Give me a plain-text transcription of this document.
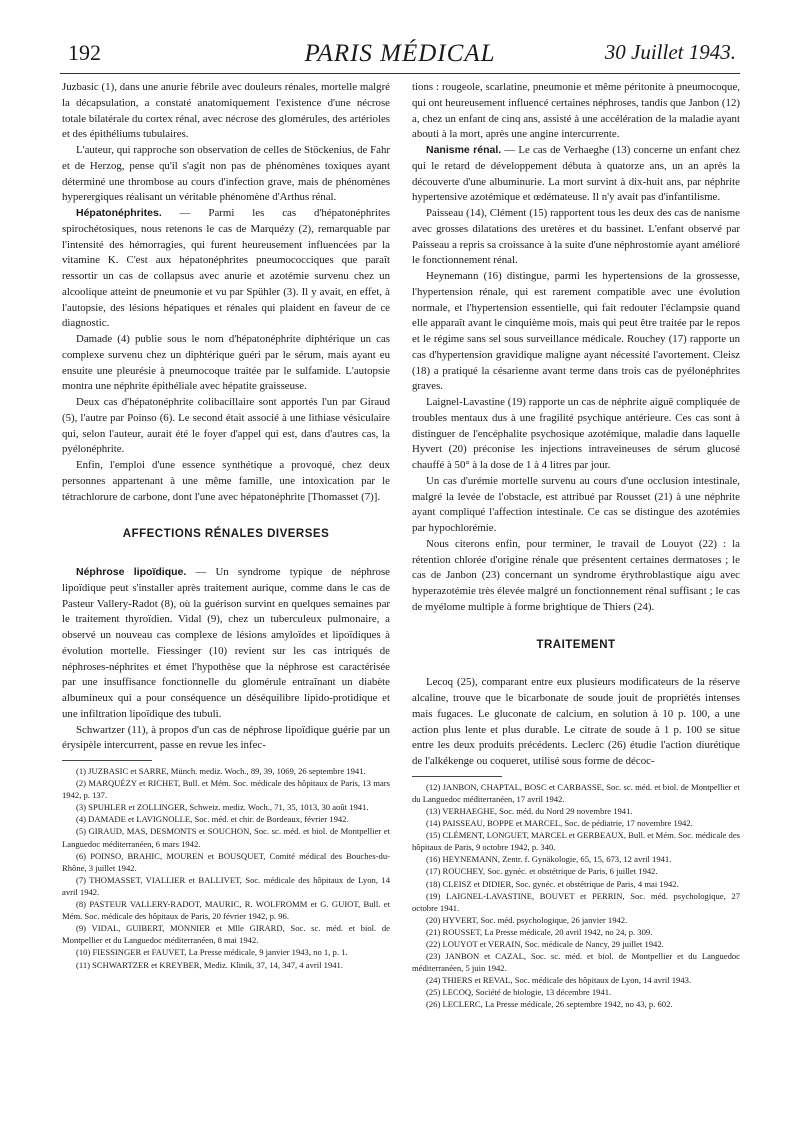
192	PARIS MÉDICAL	30 Juillet 1943.

Juzbasic (1), dans une anurie fébrile avec douleurs rénales, mortelle malgré la décapsulation, a constaté anatomiquement l'existence d'une nécrose totale bilatérale du cortex rénal, avec nécrose des glomérules, des artérioles et des épithéliums tubulaires.

L'auteur, qui rapproche son observation de celles de Stöckenius, de Fahr et de Herzog, pense qu'il s'agit non pas de phénomènes toxiques ayant déterminé une thrombose au cours d'infection grave, mais de phénomènes hyperergiques réalisant un véritable phénomène d'Arthus rénal.

Hépatonéphrites. — Parmi les cas d'hépatonéphrites spirochétosiques, nous retenons le cas de Marquézy (2), remarquable par l'intensité des hémorragies, qui furent heureusement influencées par la vitamine K. C'est aux hépatonéphrites pneumococciques que paraît ressortir un cas de collapsus avec anurie et azotémie survenu chez un alcoolique atteint de pneumonie et vu par Spühler (3). Il y avait, en effet, à l'autopsie, des lésions hépatiques et rénales qui plaident en faveur de ce diagnostic.

Damade (4) publie sous le nom d'hépatonéphrite diphtérique un cas complexe survenu chez un diphtérique guéri par le sérum, mais ayant eu ensuite une pleurésie à pneumocoque traitée par le sulfamide. L'autopsie montra une néphrite épithéliale avec hépatite graisseuse.

Deux cas d'hépatonéphrite colibacillaire sont apportés l'un par Giraud (5), l'autre par Poinso (6). Le second était associé à une lithiase vésiculaire qui, selon l'auteur, aurait été le foyer d'appel qui est, dans d'autres cas, la pyélonéphrite.

Enfin, l'emploi d'une essence synthétique a provoqué, chez deux personnes appartenant à une même famille, une intoxication par le tétrachlorure de carbone, dont l'une avec hépatonéphrite [Thomasset (7)].

AFFECTIONS RÉNALES DIVERSES

Néphrose lipoïdique. — Un syndrome typique de néphrose lipoïdique peut s'installer après traitement aurique, comme dans le cas de Pasteur Vallery-Radot (8), où la guérison survint en quelques semaines par le traitement thyroïdien. Vidal (9), chez un tuberculeux pulmonaire, a observé un nouveau cas complexe de lésions amyloïdes et lipoïdiques à évolution mortelle. Fiessinger (10) revient sur les cas intriqués de néphroses-néphrites et émet l'hypothèse que la néphrose est caractérisée par une insuffisance fonctionnelle du glomérule entraînant un diabète albumineux qui a pour conséquence un déséquilibre lipido-protidique et une infiltration lipoïdique des tubuli.

Schwartzer (11), à propos d'un cas de néphrose lipoïdique guérie par un érysipèle intercurrent, passe en revue les infec-

(1) JUZBASIC et SARRE, Münch. mediz. Woch., 89, 39, 1069, 26 septembre 1941.

(2) MARQUÉZY et RICHET, Bull. et Mém. Soc. médicale des hôpitaux de Paris, 13 mars 1942, p. 137.

(3) SPUHLER et ZOLLINGER, Schweiz. mediz. Woch., 71, 35, 1013, 30 août 1941.

(4) DAMADE et LAVIGNOLLE, Soc. méd. et chir. de Bordeaux, février 1942.

(5) GIRAUD, MAS, DESMONTS et SOUCHON, Soc. sc. méd. et biol. de Montpellier et Languedoc méditerranéen, 6 mars 1942.

(6) POINSO, BRAHIC, MOUREN et BOUSQUET, Comité médical des Bouches-du-Rhône, 3 juillet 1942.

(7) THOMASSET, VIALLIER et BALLIVET, Soc. médicale des hôpitaux de Lyon, 14 avril 1942.

(8) PASTEUR VALLERY-RADOT, MAURIC, R. WOLFROMM et G. GUIOT, Bull. et Mém. Soc. médicale des hôpitaux de Paris, 20 février 1942, p. 96.

(9) VIDAL, GUIBERT, MONNIER et Mlle GIRARD, Soc. sc. méd. et biol. de Montpellier et du Languedoc méditerranéen, 8 mai 1942.

(10) FIESSINGER et FAUVET, La Presse médicale, 9 janvier 1943, no 1, p. 1.

(11) SCHWARTZER et KREYBER, Mediz. Klinik, 37, 14, 347, 4 avril 1941.

tions : rougeole, scarlatine, pneumonie et même péritonite à pneumocoque, qui ont heureusement influencé certaines néphroses, tandis que Janbon (12) a, chez un enfant de cinq ans, assisté à une accélération de la maladie ayant abouti à la mort, après une angine intercurrente.

Nanisme rénal. — Le cas de Verhaeghe (13) concerne un enfant chez qui le retard de développement débuta à quatorze ans, un an après la découverte d'une albuminurie. La mort survint à dix-huit ans, par néphrite hypertensive azotémique et œdémateuse. Il n'y avait pas d'infantilisme.

Paisseau (14), Clément (15) rapportent tous les deux des cas de nanisme avec grosses dilatations des uretères et du bassinet. L'enfant observé par Paisseau a repris sa croissance à la suite d'une néphrostomie ayant amélioré le fonctionnement rénal.

Heynemann (16) distingue, parmi les hypertensions de la grossesse, l'hypertension rénale, qui est rarement compatible avec une évolution normale, et l'hypertension essentielle, qui fait redouter l'éclampsie quand elle apparaît avant le cinquième mois, mais qui peut être traitée par le repos et le régime sans sel sous surveillance médicale. Rouchey (17) rapporte un cas d'hypertension gravidique maligne ayant nécessité l'avortement. Cleisz (18) a pratiqué la césarienne avant terme dans trois cas de pyélonéphrites graves.

Laignel-Lavastine (19) rapporte un cas de néphrite aiguë compliquée de troubles mentaux dus à une fragilité psychique antérieure. Ces cas sont à distinguer de l'encéphalite psychosique azotémique, maladie dans laquelle Hyvert (20) préconise les injections intraveineuses de sérum glucosé chauffé à 50° à la dose de 1 à 4 litres par jour.

Un cas d'urémie mortelle survenu au cours d'une occlusion intestinale, malgré la levée de l'obstacle, est attribué par Rousset (21) à une néphrite ayant compliqué l'affection intestinale. Ce cas se distingue des azotémies par hypochlorémie.

Nous citerons enfin, pour terminer, le travail de Louyot (22) : la rétention chlorée d'origine rénale que présentent certaines dermatoses ; le cas de Janbon (23) concernant un syndrome érythroblastique aigu avec hyperazotémie très élevée malgré un fonctionnement rénal suffisant ; le cas de myélome multiple à forme brightique de Thiers (24).

TRAITEMENT

Lecoq (25), comparant entre eux plusieurs modificateurs de la réserve alcaline, trouve que le bicarbonate de soude jouit de propriétés intenses mais fugaces. Le gluconate de calcium, en solution à 10 p. 100, a une action plus lente et plus durable. Le citrate de soude à 1 p. 100 se situe entre les deux produits précédents. Leclerc (26) étudie l'action diurétique de l'alkékenge ou coqueret, utilisé sous forme de décoc-

(12) JANBON, CHAPTAL, BOSC et CARBASSE, Soc. sc. méd. et biol. de Montpellier et du Languedoc méditerranéen, 17 avril 1942.

(13) VERHAEGHE, Soc. méd. du Nord 29 novembre 1941.

(14) PAISSEAU, BOPPE et MARCEL, Soc. de pédiatrie, 17 novembre 1942.

(15) CLÉMENT, LONGUET, MARCEL et GERBEAUX, Bull. et Mém. Soc. médicale des hôpitaux de Paris, 9 octobre 1942, p. 340.

(16) HEYNEMANN, Zentr. f. Gynäkologie, 65, 15, 673, 12 avril 1941.

(17) ROUCHEY, Soc. gynéc. et obstétrique de Paris, 6 juillet 1942.

(18) CLEISZ et DIDIER, Soc. gynéc. et obstétrique de Paris, 4 mai 1942.

(19) LAIGNEL-LAVASTINE, BOUVET et PERRIN, Soc. méd. psychologique, 27 octobre 1941.

(20) HYVERT, Soc. méd. psychologique, 26 janvier 1942.

(21) ROUSSET, La Presse médicale, 20 avril 1942, no 24, p. 309.

(22) LOUYOT et VERAIN, Soc. médicale de Nancy, 29 juillet 1942.

(23) JANBON et CAZAL, Soc. sc. méd. et biol. de Montpellier et du Languedoc méditerranéen, 5 juin 1942.

(24) THIERS et REVAL, Soc. médicale des hôpitaux de Lyon, 14 avril 1943.

(25) LECOQ, Société de biologie, 13 décembre 1941.

(26) LECLERC, La Presse médicale, 26 septembre 1942, no 43, p. 602.
